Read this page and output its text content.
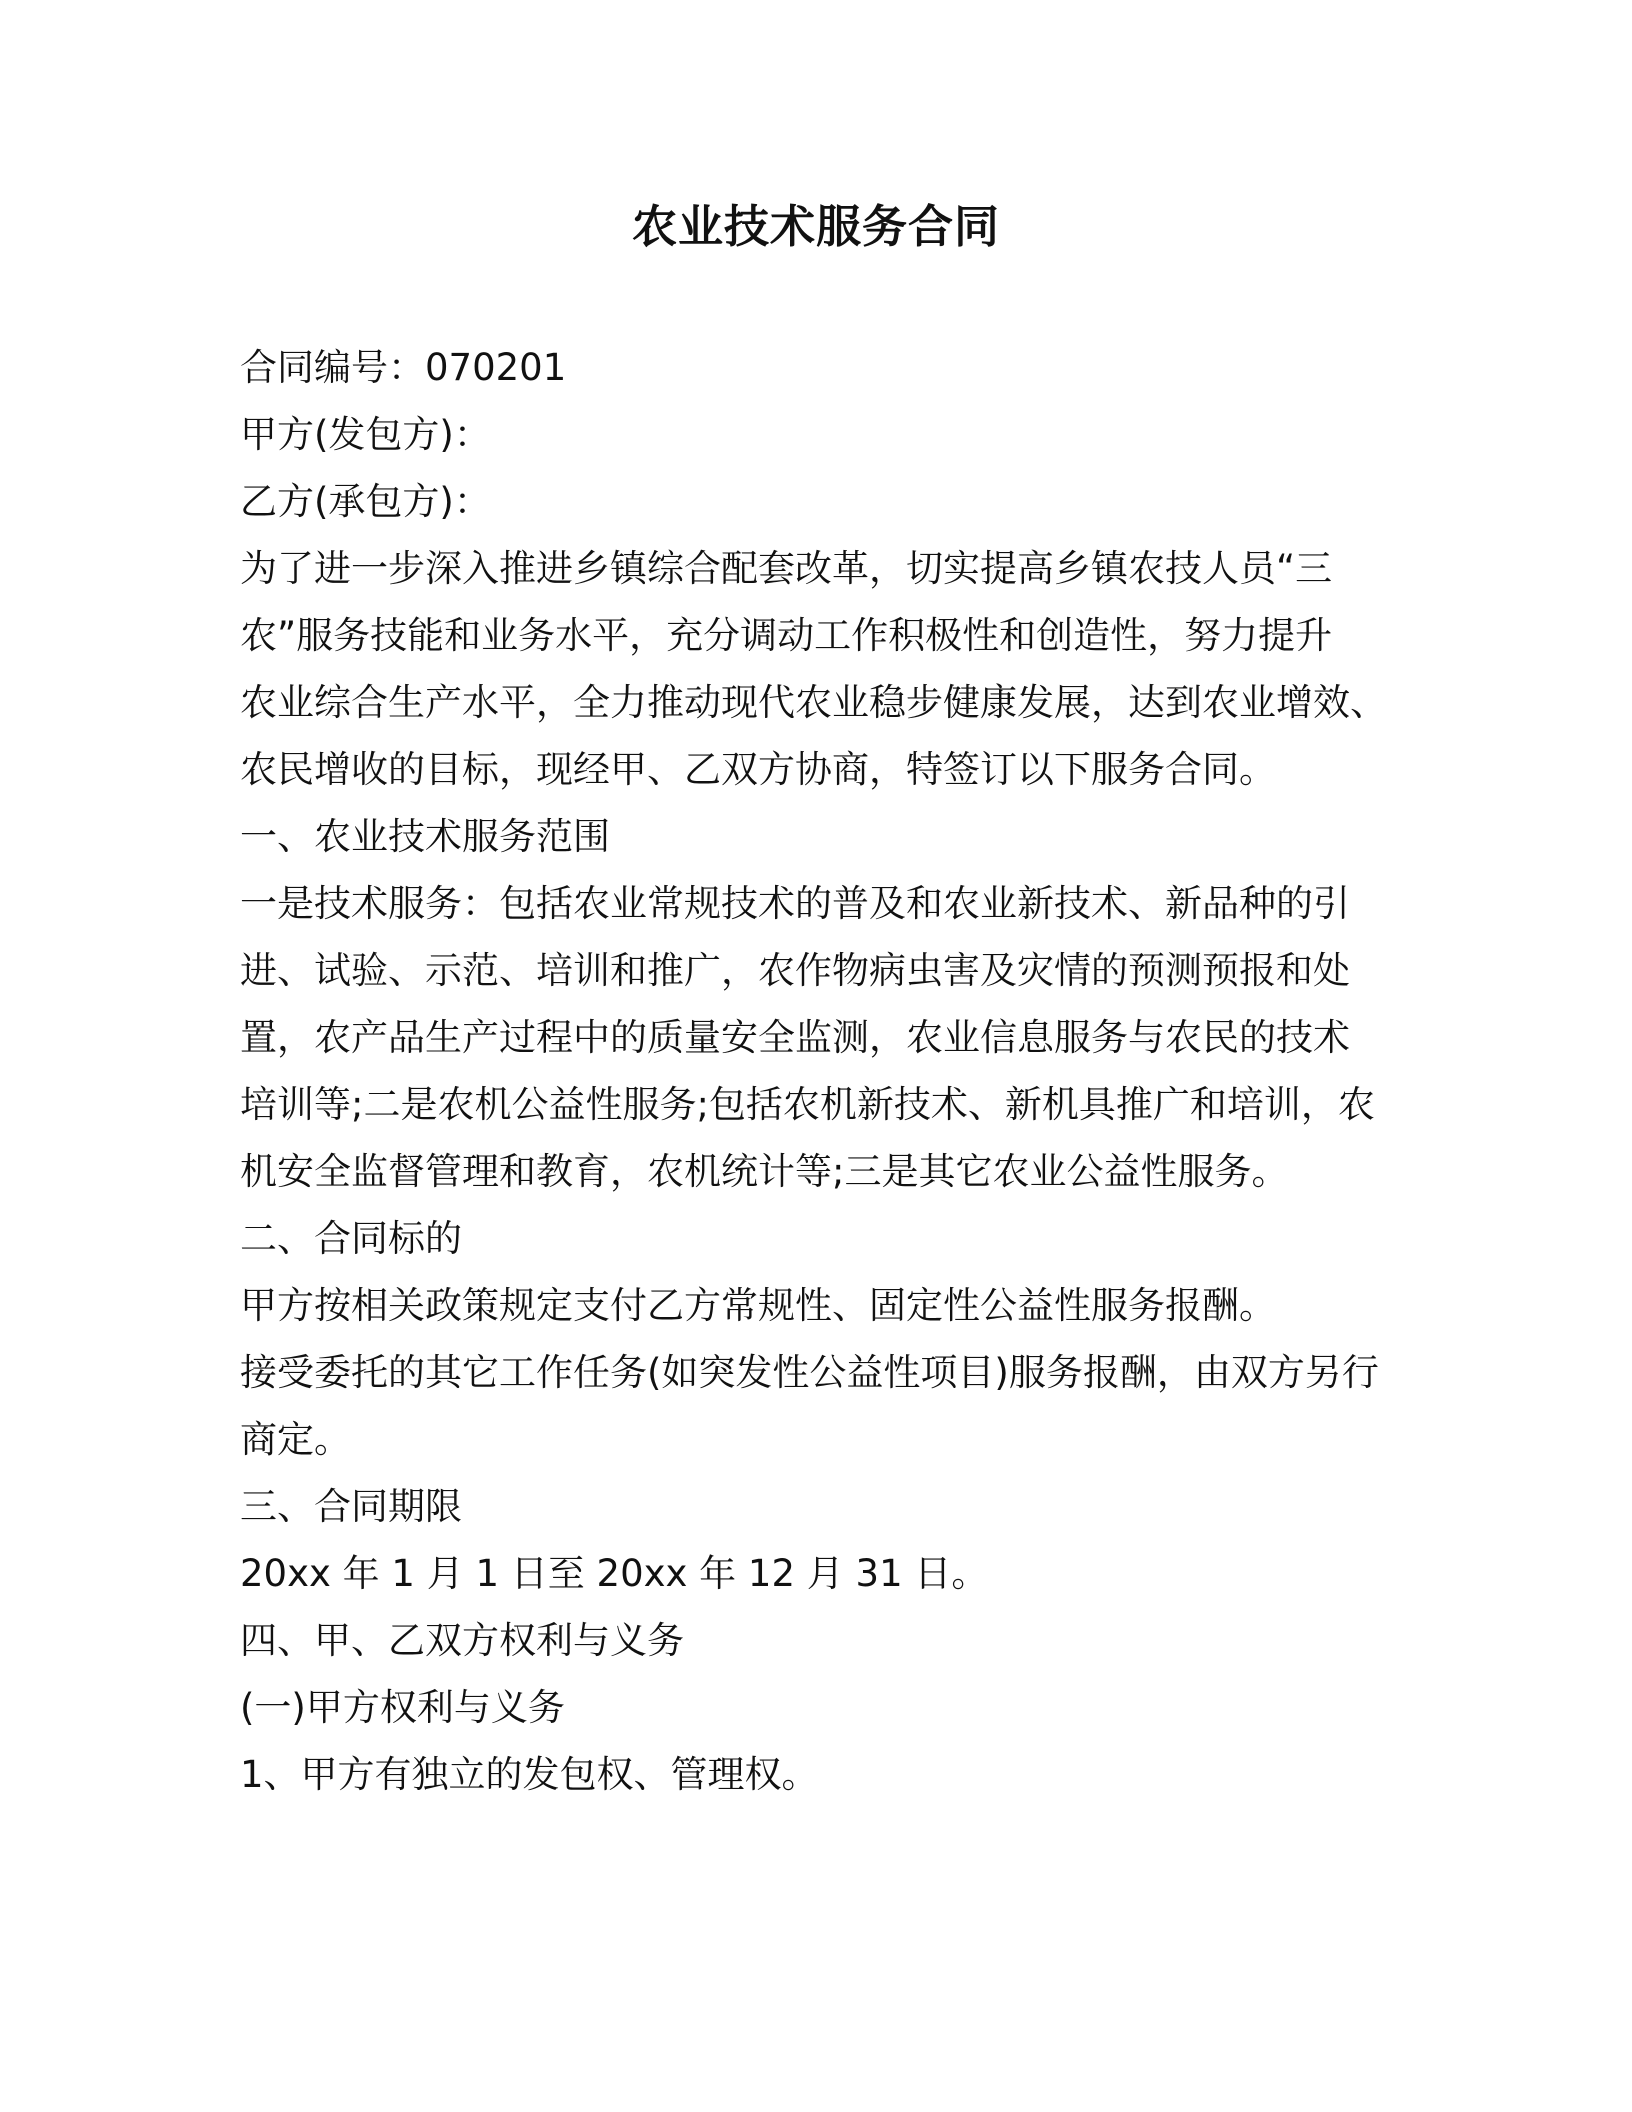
农业技术服务合同

合同编号：070201

甲方(发包方)：

乙方(承包方)：

为了进一步深入推进乡镇综合配套改革，切实提高乡镇农技人员“三

农”服务技能和业务水平，充分调动工作积极性和创造性，努力提升

农业综合生产水平，全力推动现代农业稳步健康发展，达到农业增效、

农民增收的目标，现经甲、乙双方协商，特签订以下服务合同。

一、农业技术服务范围

一是技术服务：包括农业常规技术的普及和农业新技术、新品种的引

进、试验、示范、培训和推广，农作物病虫害及灾情的预测预报和处

置，农产品生产过程中的质量安全监测，农业信息服务与农民的技术

培训等;二是农机公益性服务;包括农机新技术、新机具推广和培训，农

机安全监督管理和教育，农机统计等;三是其它农业公益性服务。

二、合同标的

甲方按相关政策规定支付乙方常规性、固定性公益性服务报酬。

接受委托的其它工作任务(如突发性公益性项目)服务报酬，由双方另行

商定。

三、合同期限

20xx 年 1 月 1 日至 20xx 年 12 月 31 日。

四、甲、乙双方权利与义务

(一)甲方权利与义务

1、甲方有独立的发包权、管理权。
